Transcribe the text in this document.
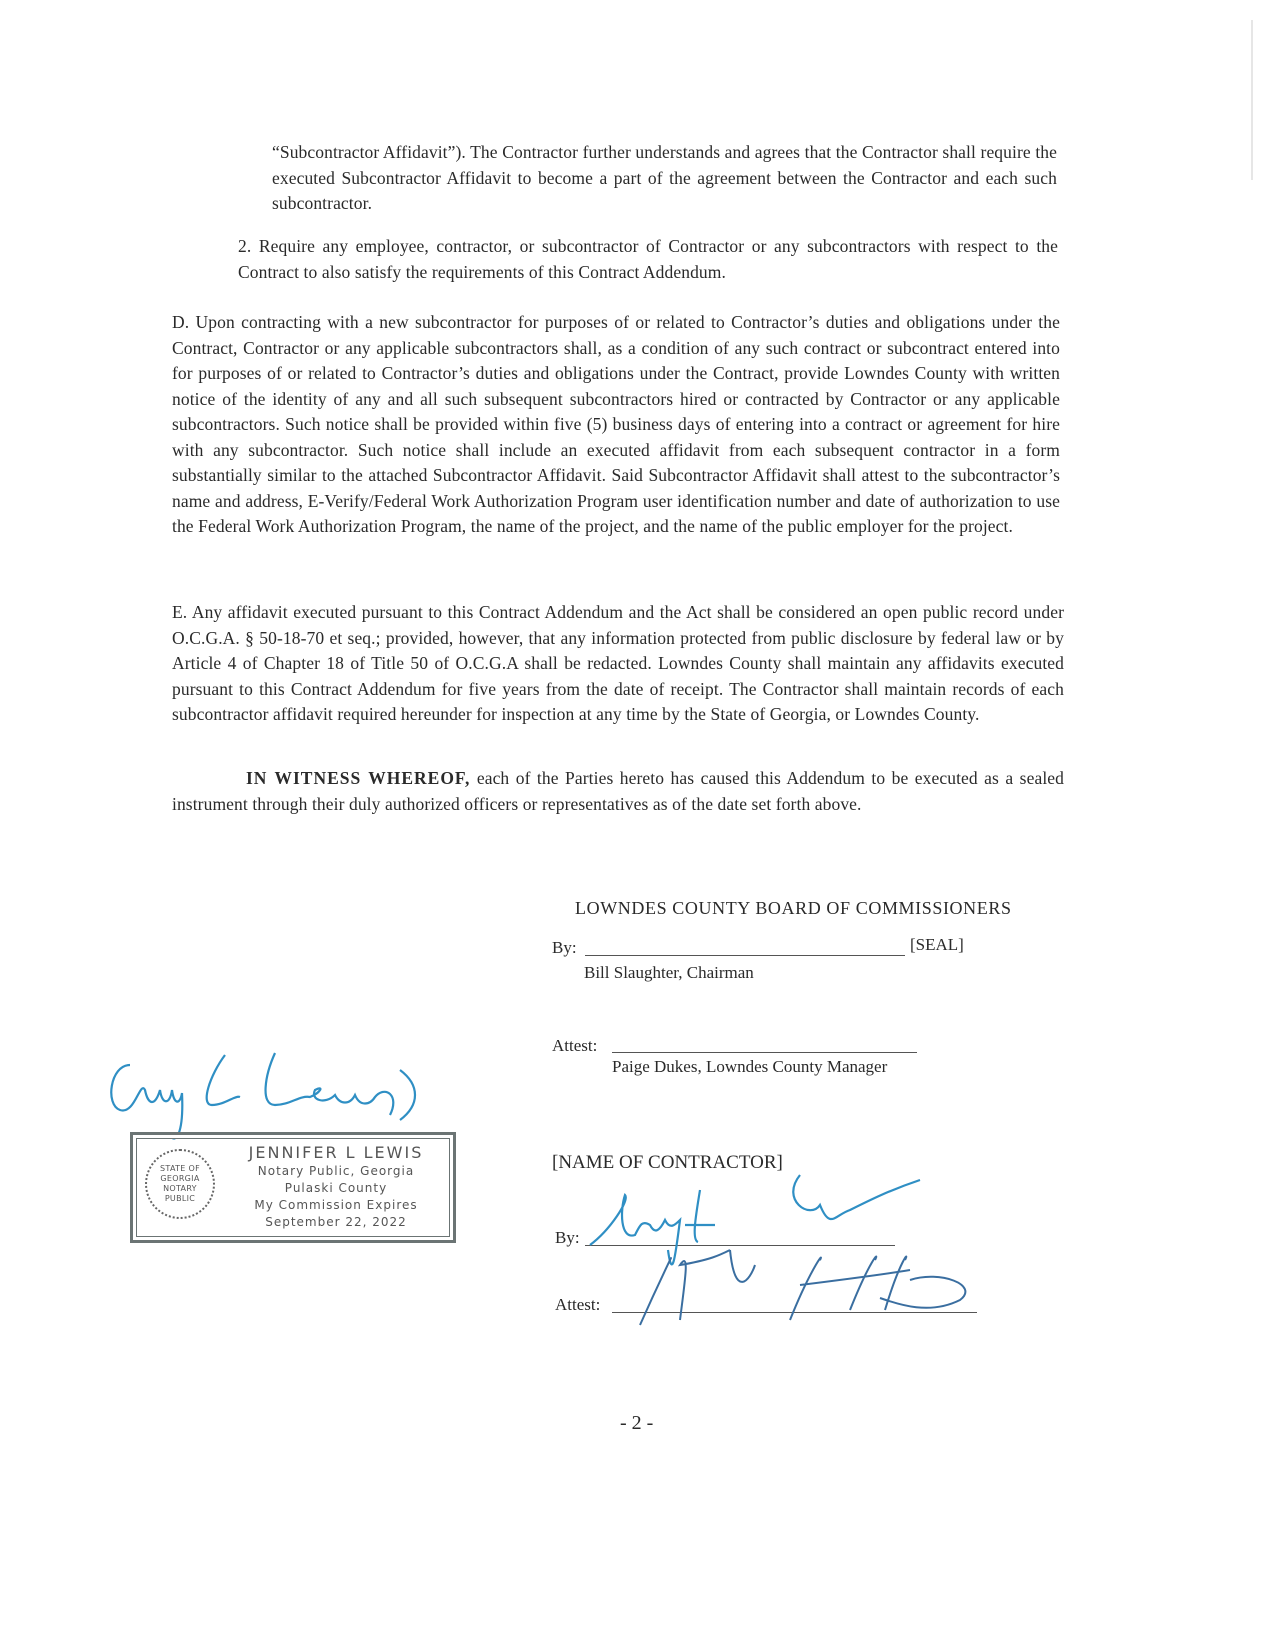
“Subcontractor Affidavit”). The Contractor further understands and agrees that the Contractor shall require the executed Subcontractor Affidavit to become a part of the agreement between the Contractor and each such subcontractor.
2. Require any employee, contractor, or subcontractor of Contractor or any subcontractors with respect to the Contract to also satisfy the requirements of this Contract Addendum.
D. Upon contracting with a new subcontractor for purposes of or related to Contractor’s duties and obligations under the Contract, Contractor or any applicable subcontractors shall, as a condition of any such contract or subcontract entered into for purposes of or related to Contractor’s duties and obligations under the Contract, provide Lowndes County with written notice of the identity of any and all such subsequent subcontractors hired or contracted by Contractor or any applicable subcontractors. Such notice shall be provided within five (5) business days of entering into a contract or agreement for hire with any subcontractor. Such notice shall include an executed affidavit from each subsequent contractor in a form substantially similar to the attached Subcontractor Affidavit. Said Subcontractor Affidavit shall attest to the subcontractor’s name and address, E-Verify/Federal Work Authorization Program user identification number and date of authorization to use the Federal Work Authorization Program, the name of the project, and the name of the public employer for the project.
E. Any affidavit executed pursuant to this Contract Addendum and the Act shall be considered an open public record under O.C.G.A. § 50-18-70 et seq.; provided, however, that any information protected from public disclosure by federal law or by Article 4 of Chapter 18 of Title 50 of O.C.G.A shall be redacted. Lowndes County shall maintain any affidavits executed pursuant to this Contract Addendum for five years from the date of receipt. The Contractor shall maintain records of each subcontractor affidavit required hereunder for inspection at any time by the State of Georgia, or Lowndes County.
IN WITNESS WHEREOF, each of the Parties hereto has caused this Addendum to be executed as a sealed instrument through their duly authorized officers or representatives as of the date set forth above.
LOWNDES COUNTY BOARD OF COMMISSIONERS
By:	[SEAL]
Bill Slaughter, Chairman
Attest:
Paige Dukes, Lowndes County Manager
STATE OF GEORGIA NOTARY PUBLIC
JENNIFER L LEWIS
Notary Public, Georgia
Pulaski County
My Commission Expires
September 22, 2022
[NAME OF CONTRACTOR]
By:
Attest:
- 2 -
